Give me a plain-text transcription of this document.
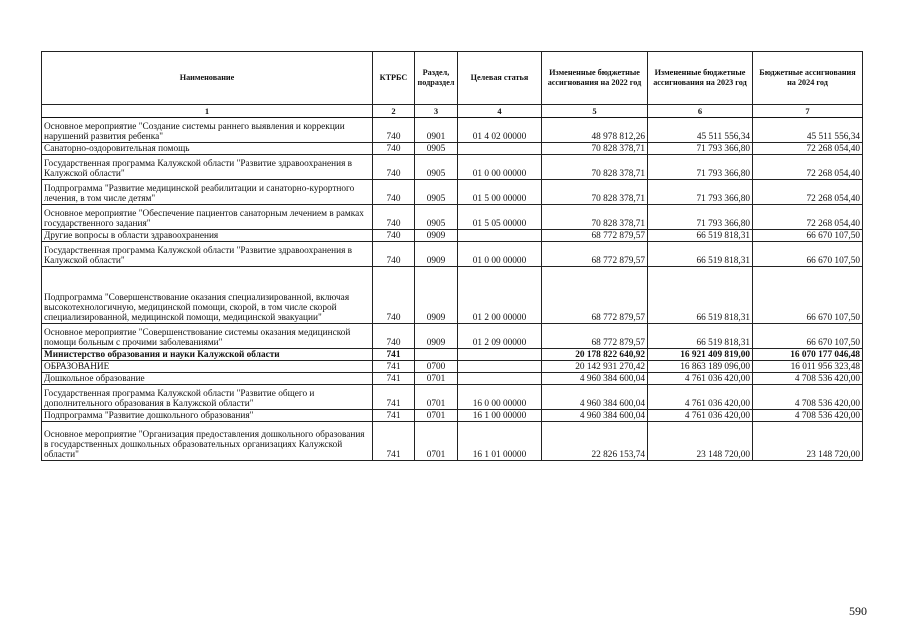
Наименование	КТРБС	Раздел, подраздел	Целевая статья	Измененные бюджетные ассигнования на 2022 год	Измененные бюджетные ассигнования на 2023 год	Бюджетные ассигнования на 2024 год
1	2	3	4	5	6	7
Основное мероприятие "Создание системы раннего выявления и коррекции нарушений развития ребенка"	740	0901	01 4 02 00000	48 978 812,26	45 511 556,34	45 511 556,34
Санаторно-оздоровительная помощь	740	0905		70 828 378,71	71 793 366,80	72 268 054,40
Государственная программа Калужской области "Развитие здравоохранения в Калужской области"	740	0905	01 0 00 00000	70 828 378,71	71 793 366,80	72 268 054,40
Подпрограмма "Развитие медицинской реабилитации и санаторно-курортного лечения, в том числе детям"	740	0905	01 5 00 00000	70 828 378,71	71 793 366,80	72 268 054,40
Основное мероприятие "Обеспечение пациентов санаторным лечением в рамках государственного задания"	740	0905	01 5 05 00000	70 828 378,71	71 793 366,80	72 268 054,40
Другие вопросы в области здравоохранения	740	0909		68 772 879,57	66 519 818,31	66 670 107,50
Государственная программа Калужской области "Развитие здравоохранения в Калужской области"	740	0909	01 0 00 00000	68 772 879,57	66 519 818,31	66 670 107,50
Подпрограмма "Совершенствование оказания специализированной, включая высокотехнологичную, медицинской помощи, скорой, в том числе скорой специализированной, медицинской помощи, медицинской эвакуации"	740	0909	01 2 00 00000	68 772 879,57	66 519 818,31	66 670 107,50
Основное мероприятие "Совершенствование системы оказания медицинской помощи больным с прочими заболеваниями"	740	0909	01 2 09 00000	68 772 879,57	66 519 818,31	66 670 107,50
Министерство образования и науки Калужской области	741			20 178 822 640,92	16 921 409 819,00	16 070 177 046,48
ОБРАЗОВАНИЕ	741	0700		20 142 931 270,42	16 863 189 096,00	16 011 956 323,48
Дошкольное образование	741	0701		4 960 384 600,04	4 761 036 420,00	4 708 536 420,00
Государственная программа Калужской области "Развитие общего и дополнительного образования в Калужской области"	741	0701	16 0 00 00000	4 960 384 600,04	4 761 036 420,00	4 708 536 420,00
Подпрограмма "Развитие дошкольного образования"	741	0701	16 1 00 00000	4 960 384 600,04	4 761 036 420,00	4 708 536 420,00
Основное мероприятие "Организация предоставления дошкольного образования в государственных дошкольных образовательных организациях Калужской области"	741	0701	16 1 01 00000	22 826 153,74	23 148 720,00	23 148 720,00
590
